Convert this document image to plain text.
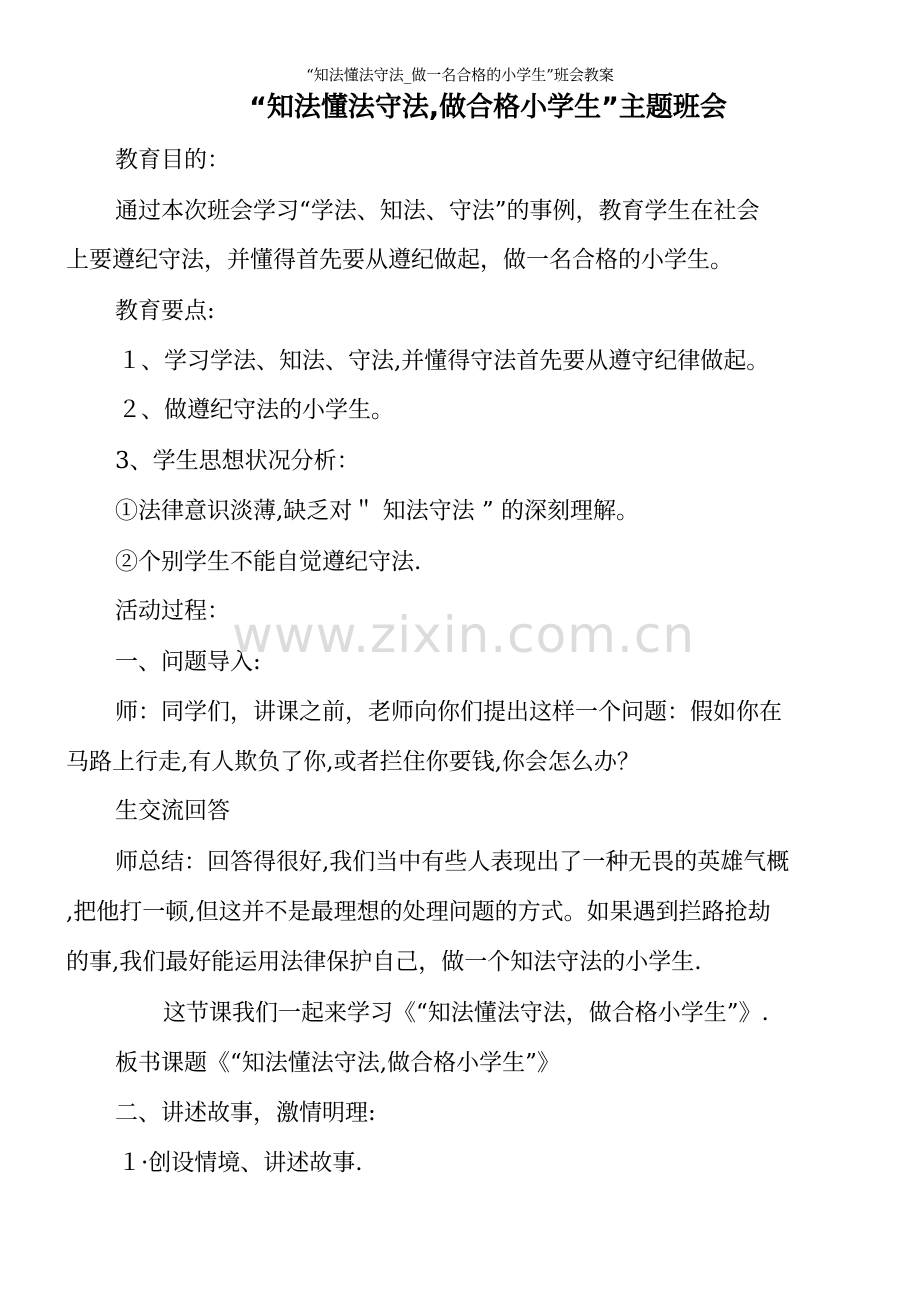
“知法懂法守法_做一名合格的小学生”班会教案
“知法懂法守法,做合格小学生”主题班会
教育目的：
通过本次班会学习“学法、知法、守法”的事例，教育学生在社会
上要遵纪守法，并懂得首先要从遵纪做起，做一名合格的小学生。
教育要点:
１、学习学法、知法、守法,并懂得守法首先要从遵守纪律做起。
２、做遵纪守法的小学生。
3、学生思想状况分析：
①法律意识淡薄,缺乏对＂ 知法守法 ” 的深刻理解。
②个别学生不能自觉遵纪守法.
活动过程：
一、问题导入:
师：同学们，讲课之前，老师向你们提出这样一个问题：假如你在
马路上行走,有人欺负了你,或者拦住你要钱,你会怎么办？
生交流回答
师总结：回答得很好,我们当中有些人表现出了一种无畏的英雄气概
,把他打一顿,但这并不是最理想的处理问题的方式。如果遇到拦路抢劫
的事,我们最好能运用法律保护自己，做一个知法守法的小学生.
这节课我们一起来学习《“知法懂法守法，做合格小学生”》.
板书课题《“知法懂法守法,做合格小学生”》
二、讲述故事，激情明理:
１·创设情境、讲述故事.
www.zixin.com.cn
